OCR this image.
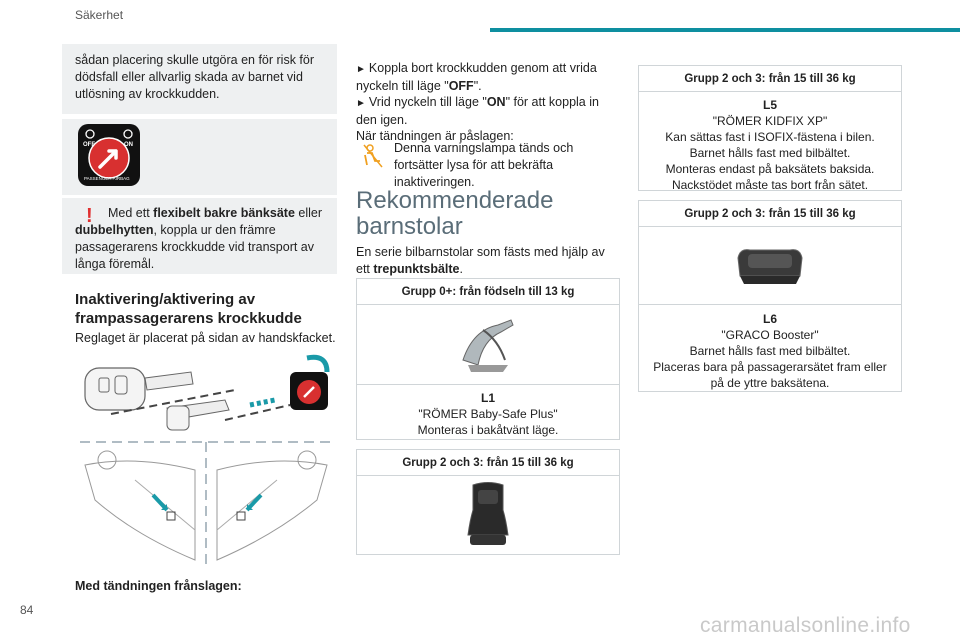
Säkerhet
sådan placering skulle utgöra en för risk för dödsfall eller allvarlig skada av barnet vid utlösning av krockkudden.
OFF	ON
PASSENGER AIRBAG
!	Med ett flexibelt bakre bänksäte eller dubbelhytten, koppla ur den främre passagerarens krockkudde vid transport av långa föremål.
Inaktivering/aktivering av frampassagerarens krockkudde
Reglaget är placerat på sidan av handskfacket.
Med tändningen frånslagen:
► Koppla bort krockkudden genom att vrida nyckeln till läge "OFF".
► Vrid nyckeln till läge "ON" för att koppla in den igen.
När tändningen är påslagen:
Denna varningslampa tänds och fortsätter lysa för att bekräfta inaktiveringen.
Rekommenderade barnstolar
En serie bilbarnstolar som fästs med hjälp av ett trepunktsbälte.
Grupp 0+: från födseln till 13 kg
L1
"RÖMER Baby-Safe Plus"
Monteras i bakåtvänt läge.
Grupp 2 och 3: från 15 till 36 kg
Grupp 2 och 3: från 15 till 36 kg
L5
"RÖMER KIDFIX XP"
Kan sättas fast i ISOFIX-fästena i bilen.
Barnet hålls fast med bilbältet.
Monteras endast på baksätets baksida.
Nackstödet måste tas bort från sätet.
Grupp 2 och 3: från 15 till 36 kg
L6
"GRACO Booster"
Barnet hålls fast med bilbältet.
Placeras bara på passagerarsätet fram eller på de yttre baksätena.
84
carmanualsonline.info
